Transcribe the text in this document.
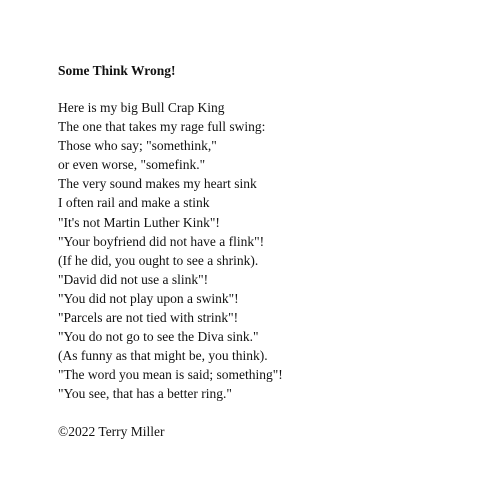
Some Think Wrong!
Here is my big Bull Crap King
The one that takes my rage full swing:
Those who say; "somethink,"
or even worse, "somefink."
The very sound makes my heart sink
I often rail and make a stink
"It's not Martin Luther Kink"!
"Your boyfriend did not have a flink"!
(If he did, you ought to see a shrink).
"David did not use a slink"!
"You did not play upon a swink"!
"Parcels are not tied with strink"!
"You do not go to see the Diva sink."
(As funny as that might be, you think).
"The word you mean is said; something"!
"You see, that has a better ring."
©2022 Terry Miller
